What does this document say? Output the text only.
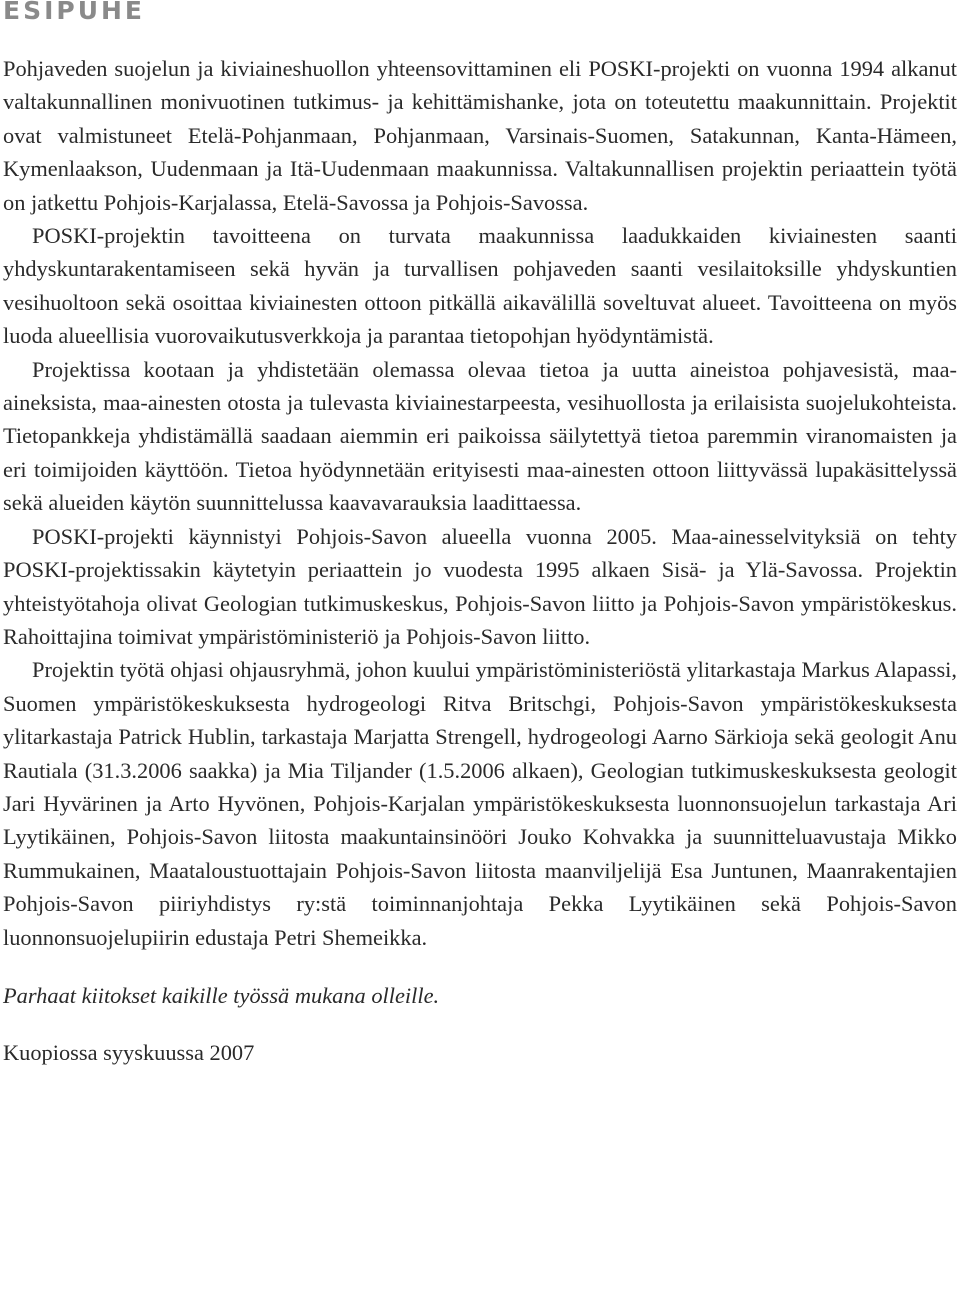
ESIPUHE

Pohjaveden suojelun ja kiviaineshuollon yhteensovittaminen eli POSKI-projekti on vuonna 1994 alkanut valtakunnallinen monivuotinen tutkimus- ja kehittämishanke, jota on toteutettu maakunnittain. Projektit ovat valmistuneet Etelä-Pohjanmaan, Pohjanmaan, Varsinais-Suomen, Satakunnan, Kanta-Hämeen, Kymenlaakson, Uudenmaan ja Itä-Uudenmaan maakunnissa. Valtakunnallisen projektin periaattein työtä on jatkettu Pohjois-Karjalassa, Etelä-Savossa ja Pohjois-Savossa.

POSKI-projektin tavoitteena on turvata maakunnissa laadukkaiden kiviainesten saanti yhdyskuntarakentamiseen sekä hyvän ja turvallisen pohjaveden saanti vesilaitoksille yhdyskuntien vesihuoltoon sekä osoittaa kiviainesten ottoon pitkällä aikavälillä soveltuvat alueet. Tavoitteena on myös luoda alueellisia vuorovaikutusverkkoja ja parantaa tietopohjan hyödyntämistä.

Projektissa kootaan ja yhdistetään olemassa olevaa tietoa ja uutta aineistoa pohjavesistä, maa-aineksista, maa-ainesten otosta ja tulevasta kiviainestarpeesta, vesihuollosta ja erilaisista suojelukohteista. Tietopankkeja yhdistämällä saadaan aiemmin eri paikoissa säilytettyä tietoa paremmin viranomaisten ja eri toimijoiden käyttöön. Tietoa hyödynnetään erityisesti maa-ainesten ottoon liittyvässä lupakäsittelyssä sekä alueiden käytön suunnittelussa kaavavarauksia laadittaessa.

POSKI-projekti käynnistyi Pohjois-Savon alueella vuonna 2005. Maa-ainesselvityksiä on tehty POSKI-projektissakin käytetyin periaattein jo vuodesta 1995 alkaen Sisä- ja Ylä-Savossa. Projektin yhteistyötahoja olivat Geologian tutkimuskeskus, Pohjois-Savon liitto ja Pohjois-Savon ympäristökeskus. Rahoittajina toimivat ympäristöministeriö ja Pohjois-Savon liitto.

Projektin työtä ohjasi ohjausryhmä, johon kuului ympäristöministeriöstä ylitarkastaja Markus Alapassi, Suomen ympäristökeskuksesta hydrogeologi Ritva Britschgi, Pohjois-Savon ympäristökeskuksesta ylitarkastaja Patrick Hublin, tarkastaja Marjatta Strengell, hydrogeologi Aarno Särkioja sekä geologit Anu Rautiala (31.3.2006 saakka) ja Mia Tiljander (1.5.2006 alkaen), Geologian tutkimuskeskuksesta geologit Jari Hyvärinen ja Arto Hyvönen, Pohjois-Karjalan ympäristökeskuksesta luonnonsuojelun tarkastaja Ari Lyytikäinen, Pohjois-Savon liitosta maakuntainsinööri Jouko Kohvakka ja suunnitteluavustaja Mikko Rummukainen, Maataloustuottajain Pohjois-Savon liitosta maanviljelijä Esa Juntunen, Maanrakentajien Pohjois-Savon piiriyhdistys ry:stä toiminnanjohtaja Pekka Lyytikäinen sekä Pohjois-Savon luonnonsuojelupiirin edustaja Petri Shemeikka.

Parhaat kiitokset kaikille työssä mukana olleille.

Kuopiossa syyskuussa 2007
